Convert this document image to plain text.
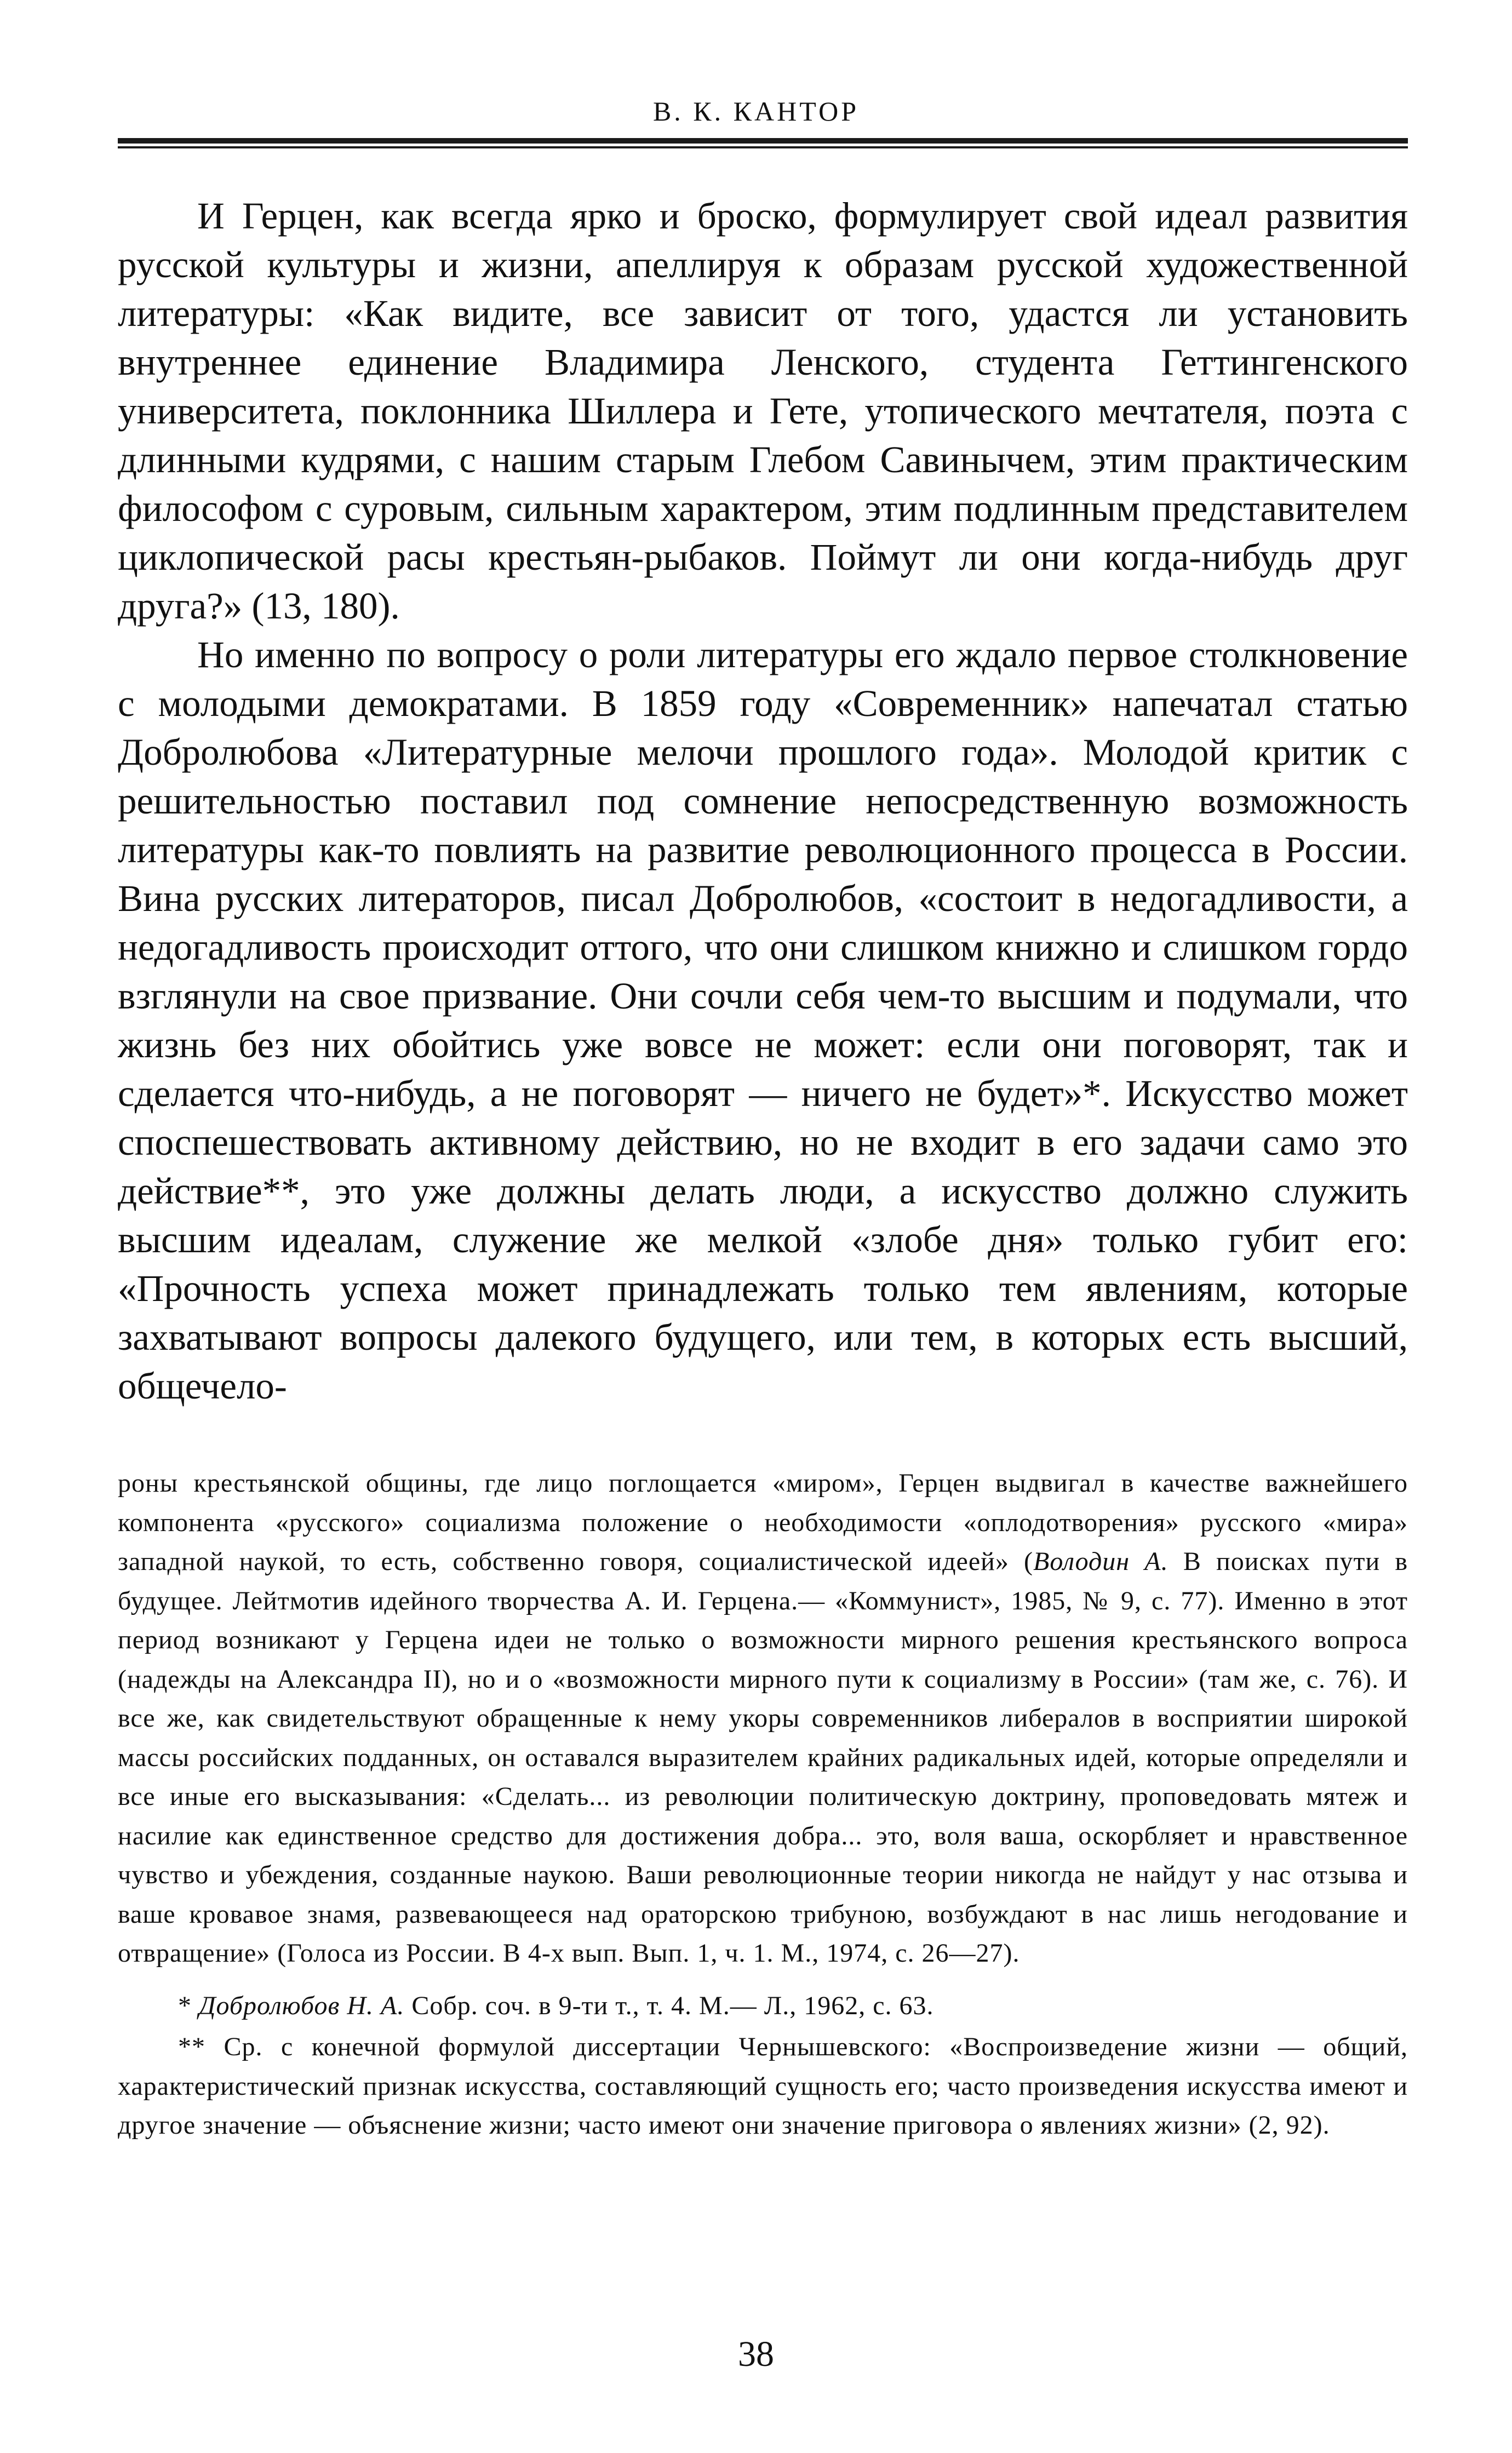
В. К. КАНТОР

И Герцен, как всегда ярко и броско, формулирует свой идеал развития русской культуры и жизни, апеллируя к образам русской художественной литературы: «Как видите, все зависит от того, удастся ли установить внутреннее единение Владимира Ленского, студента Геттингенского университета, поклонника Шиллера и Гете, утопического мечтателя, поэта с длинными кудрями, с нашим старым Глебом Савинычем, этим практическим философом с суровым, сильным характером, этим подлинным представителем циклопической расы крестьян-рыбаков. Поймут ли они когда-нибудь друг друга?» (13, 180).

Но именно по вопросу о роли литературы его ждало первое столкновение с молодыми демократами. В 1859 году «Современник» напечатал статью Добролюбова «Литературные мелочи прошлого года». Молодой критик с решительностью поставил под сомнение непосредственную возможность литературы как-то повлиять на развитие революционного процесса в России. Вина русских литераторов, писал Добролюбов, «состоит в недогадливости, а недогадливость происходит оттого, что они слишком книжно и слишком гордо взглянули на свое призвание. Они сочли себя чем-то высшим и подумали, что жизнь без них обойтись уже вовсе не может: если они поговорят, так и сделается что-нибудь, а не поговорят — ничего не будет»*. Искусство может споспешествовать активному действию, но не входит в его задачи само это действие**, это уже должны делать люди, а искусство должно служить высшим идеалам, служение же мелкой «злобе дня» только губит его: «Прочность успеха может принадлежать только тем явлениям, которые захватывают вопросы далекого будущего, или тем, в которых есть высший, общечело-

роны крестьянской общины, где лицо поглощается «миром», Герцен выдвигал в качестве важнейшего компонента «русского» социализма положение о необходимости «оплодотворения» русского «мира» западной наукой, то есть, собственно говоря, социалистической идеей» (Володин А. В поисках пути в будущее. Лейтмотив идейного творчества А. И. Герцена.— «Коммунист», 1985, № 9, с. 77). Именно в этот период возникают у Герцена идеи не только о возможности мирного решения крестьянского вопроса (надежды на Александра II), но и о «возможности мирного пути к социализму в России» (там же, с. 76). И все же, как свидетельствуют обращенные к нему укоры современников либералов в восприятии широкой массы российских подданных, он оставался выразителем крайних радикальных идей, которые определяли и все иные его высказывания: «Сделать... из революции политическую доктрину, проповедовать мятеж и насилие как единственное средство для достижения добра... это, воля ваша, оскорбляет и нравственное чувство и убеждения, созданные наукою. Ваши революционные теории никогда не найдут у нас отзыва и ваше кровавое знамя, развевающееся над ораторскою трибуною, возбуждают в нас лишь негодование и отвращение» (Голоса из России. В 4-х вып. Вып. 1, ч. 1. М., 1974, с. 26—27).

* Добролюбов Н. А. Собр. соч. в 9-ти т., т. 4. М.— Л., 1962, с. 63.

** Ср. с конечной формулой диссертации Чернышевского: «Воспроизведение жизни — общий, характеристический признак искусства, составляющий сущность его; часто произведения искусства имеют и другое значение — объяснение жизни; часто имеют они значение приговора о явлениях жизни» (2, 92).

38
